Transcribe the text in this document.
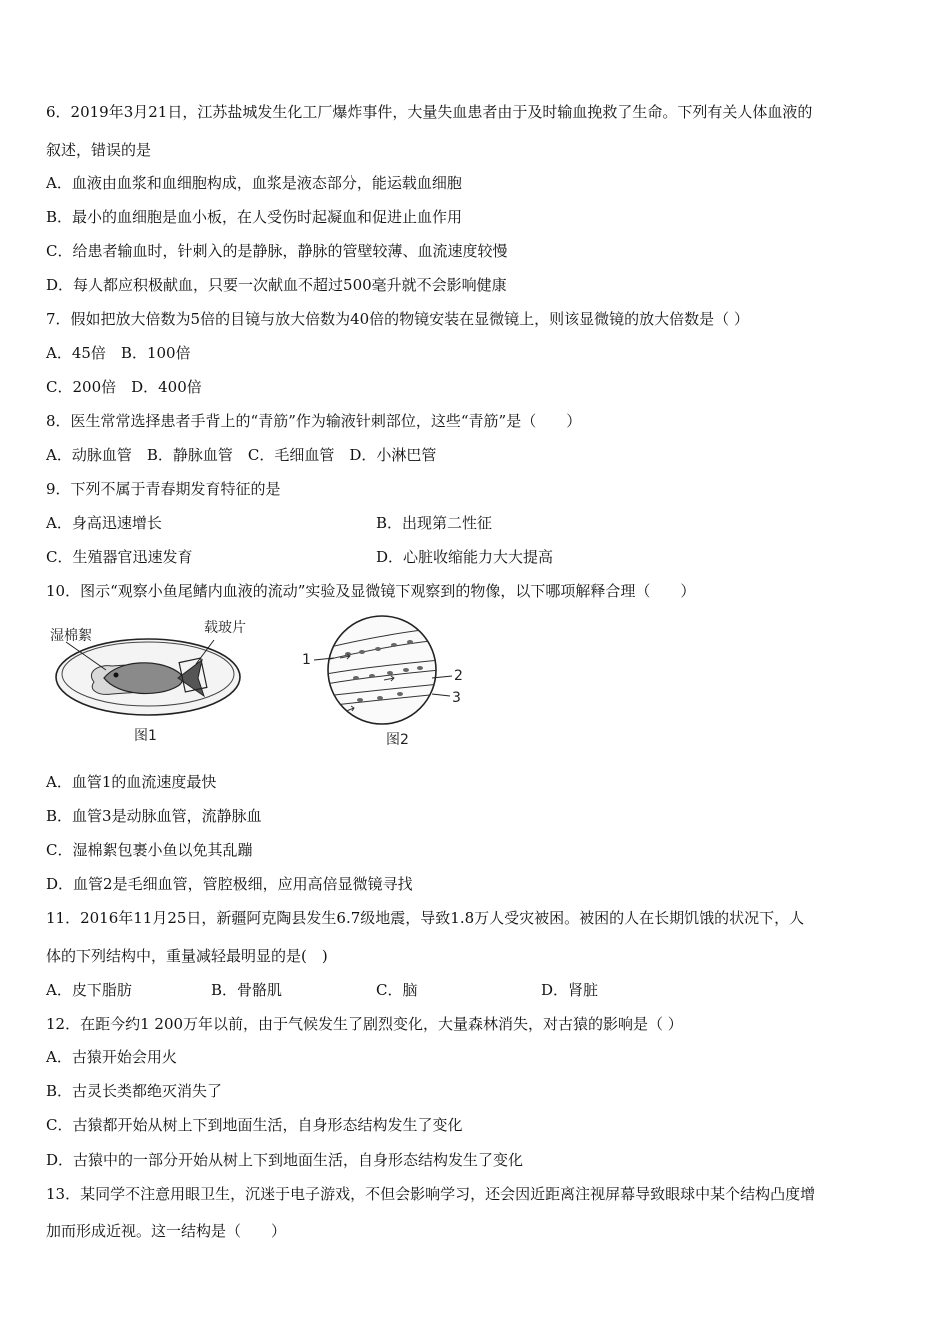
6．2019年3月21日，江苏盐城发生化工厂爆炸事件，大量失血患者由于及时输血挽救了生命。下列有关人体血液的
叙述，错误的是
A．血液由血浆和血细胞构成，血浆是液态部分，能运载血细胞
B．最小的血细胞是血小板，在人受伤时起凝血和促进止血作用
C．给患者输血时，针刺入的是静脉，静脉的管壁较薄、血流速度较慢
D．每人都应积极献血，只要一次献血不超过500毫升就不会影响健康
7．假如把放大倍数为5倍的目镜与放大倍数为40倍的物镜安装在显微镜上，则该显微镜的放大倍数是（ ）
A．45倍　B．100倍
C．200倍　D．400倍
8．医生常常选择患者手背上的“青筋”作为输液针刺部位，这些“青筋”是（　　）
A．动脉血管　B．静脉血管　C．毛细血管　D．小淋巴管
9．下列不属于青春期发育特征的是
A．身高迅速增长	B．出现第二性征
C．生殖器官迅速发育	D．心脏收缩能力大大提高
10．图示“观察小鱼尾鳍内血液的流动”实验及显微镜下观察到的物像，以下哪项解释合理（　　）
湿棉絮	载玻片
图1
1
2
3
图2
A．血管1的血流速度最快
B．血管3是动脉血管，流静脉血
C．湿棉絮包裹小鱼以免其乱蹦
D．血管2是毛细血管，管腔极细，应用高倍显微镜寻找
11．2016年11月25日，新疆阿克陶县发生6.7级地震，导致1.8万人受灾被困。被困的人在长期饥饿的状况下，人
体的下列结构中，重量减轻最明显的是(　)
A．皮下脂肪	B．骨骼肌	C．脑	D．肾脏
12．在距今约1 200万年以前，由于气候发生了剧烈变化，大量森林消失，对古猿的影响是（ ）
A．古猿开始会用火
B．古灵长类都绝灭消失了
C．古猿都开始从树上下到地面生活，自身形态结构发生了变化
D．古猿中的一部分开始从树上下到地面生活，自身形态结构发生了变化
13．某同学不注意用眼卫生，沉迷于电子游戏，不但会影响学习，还会因近距离注视屏幕导致眼球中某个结构凸度增
加而形成近视。这一结构是（　　）
